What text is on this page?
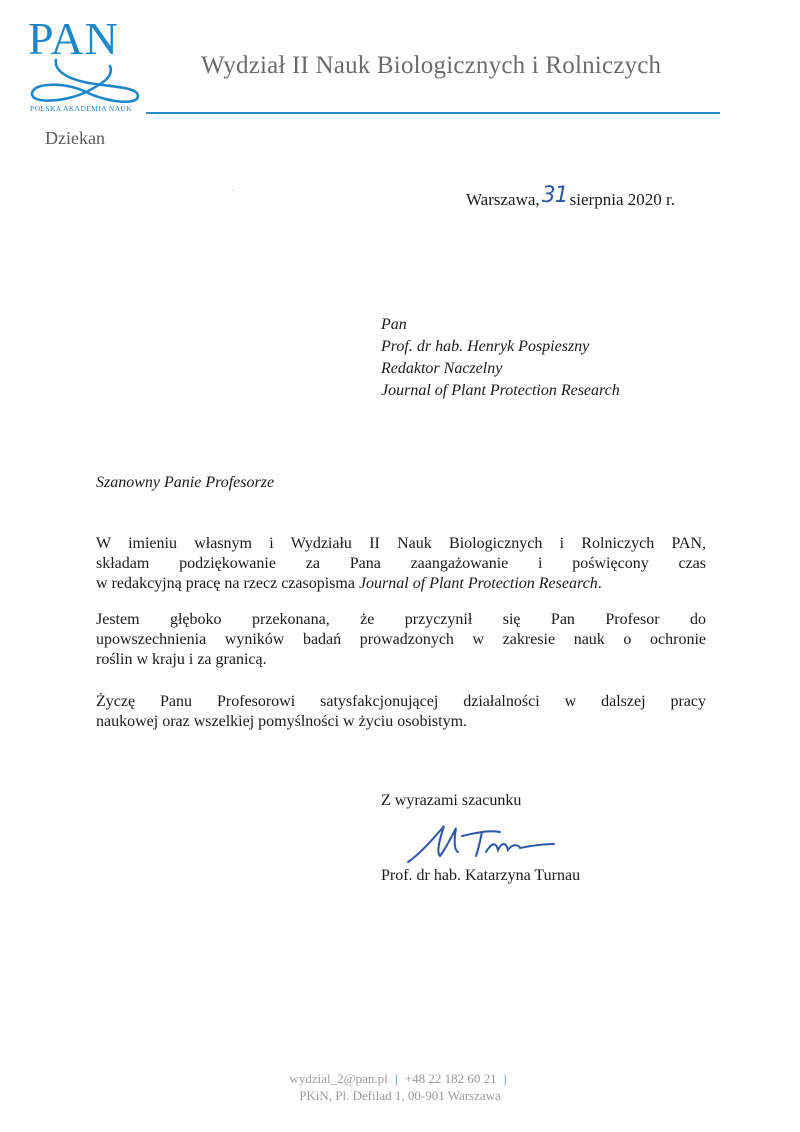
PAN
POLSKA AKADEMIA NAUK
Wydział II Nauk Biologicznych i Rolniczych
Dziekan
Warszawa,31 sierpnia 2020 r.
Pan
Prof. dr hab. Henryk Pospieszny
Redaktor Naczelny
Journal of Plant Protection Research
Szanowny Panie Profesorze
W imieniu własnym i Wydziału II Nauk Biologicznych i Rolniczych PAN,
składam podziękowanie za Pana zaangażowanie i poświęcony czas
w redakcyjną pracę na rzecz czasopisma Journal of Plant Protection Research.
Jestem głęboko przekonana, że przyczynił się Pan Profesor do
upowszechnienia wyników badań prowadzonych w zakresie nauk o ochronie
roślin w kraju i za granicą.
Życzę Panu Profesorowi satysfakcjonującej działalności w dalszej pracy
naukowej oraz wszelkiej pomyślności w życiu osobistym.
Z wyrazami szacunku
Prof. dr hab. Katarzyna Turnau
wydzial_2@pan.pl | +48 22 182 60 21 |
PKiN, Pl. Defilad 1, 00-901 Warszawa
